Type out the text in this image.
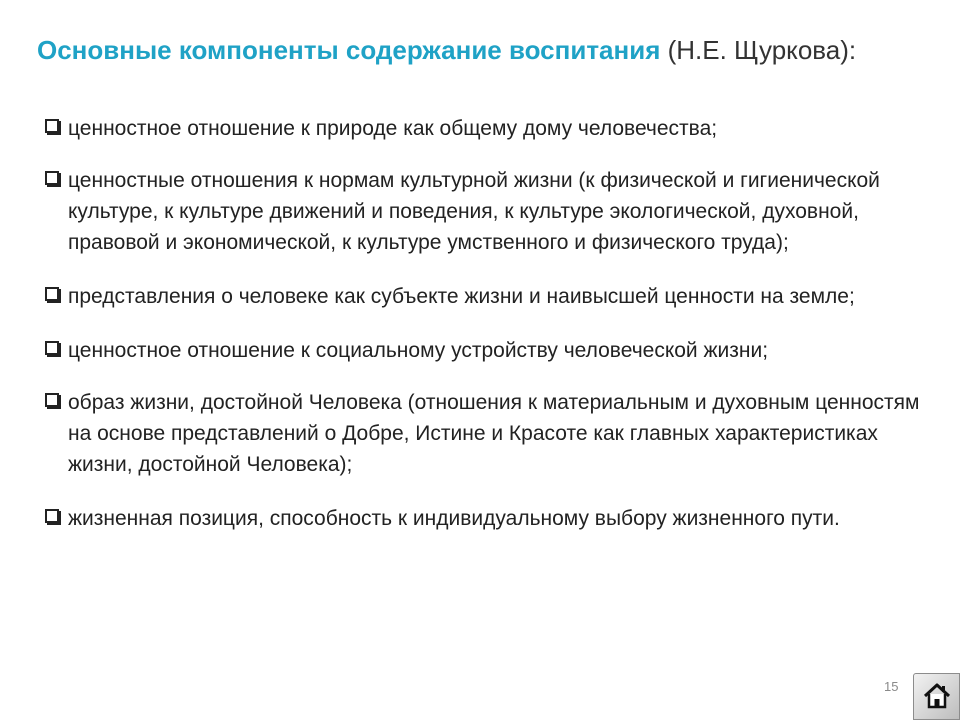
Основные компоненты содержание воспитания (Н.Е. Щуркова):
ценностное отношение к природе как общему дому человечества;
ценностные отношения к нормам культурной жизни (к физической и гигиенической культуре, к культуре движений и поведения, к культуре экологической, духовной, правовой и экономической, к культуре умственного и физического труда);
представления о человеке как субъекте жизни и наивысшей ценности на земле;
ценностное отношение к социальному устройству человеческой жизни;
образ жизни, достойной Человека (отношения к материальным и духовным ценностям на основе представлений о Добре, Истине и Красоте как главных характеристиках жизни, достойной Человека);
жизненная позиция, способность к индивидуальному выбору жизненного пути.
15
